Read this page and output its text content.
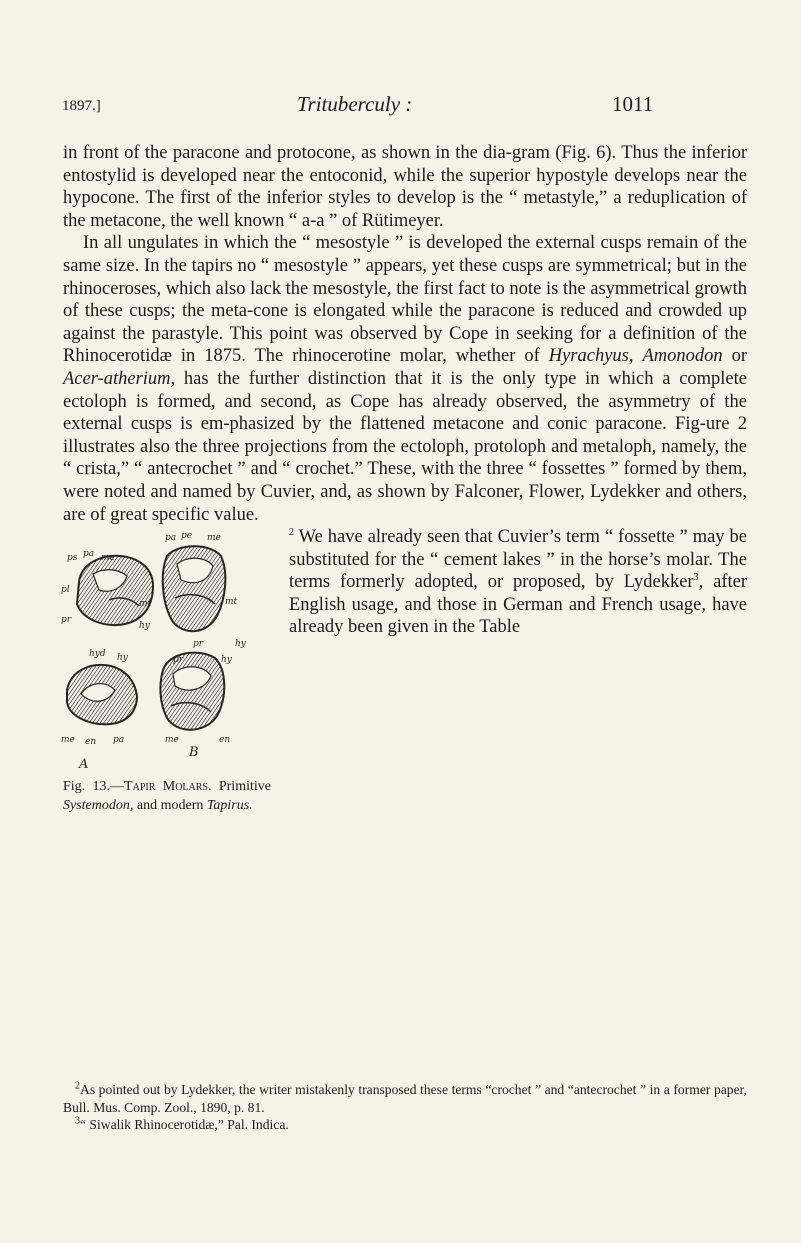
1897.]	Trituberculy :	1011

in front of the paracone and protocone, as shown in the dia-gram (Fig. 6). Thus the inferior entostylid is developed near the entoconid, while the superior hypostyle develops near the hypocone. The first of the inferior styles to develop is the “ metastyle,” a reduplication of the metacone, the well known “ a-a ” of Rütimeyer.

In all ungulates in which the “ mesostyle ” is developed the external cusps remain of the same size. In the tapirs no “ mesostyle ” appears, yet these cusps are symmetrical; but in the rhinoceroses, which also lack the mesostyle, the first fact to note is the asymmetrical growth of these cusps; the meta-cone is elongated while the paracone is reduced and crowded up against the parastyle. This point was observed by Cope in seeking for a definition of the Rhinocerotidæ in 1875. The rhinocerotine molar, whether of Hyrachyus, Amonodon or Acer-atherium, has the further distinction that it is the only type in which a complete ectoloph is formed, and second, as Cope has already observed, the asymmetry of the external cusps is em-phasized by the flattened metacone and conic paracone. Fig-ure 2 illustrates also the three projections from the ectoloph, protoloph and metaloph, namely, the “ crista,” “ antecrochet ” and “ crochet.” These, with the three “ fossettes ” formed by them, were noted and named by Cuvier, and, as shown by Falconer, Flower, Lydekker and others, are of great specific value.

ps pa me
pl
mt
pr
hy
hyd hy
me en pa
pa pe me
mt
pr	hy
pr	hy
me	en
A
B
Fig. 13.—Tapir Molars. Primitive Systemodon, and modern Tapirus.
$^2$ We have already seen that Cuvier’s term “ fossette ” may be substituted for the “ cement lakes ” in the horse’s molar. The terms formerly adopted, or proposed, by Lydekker$^3$, after English usage, and those in German and French usage, have already been given in the Table

$^2$As pointed out by Lydekker, the writer mistakenly transposed these terms “crochet ” and “antecrochet ” in a former paper, Bull. Mus. Comp. Zool., 1890, p. 81.

$^3$“ Siwalik Rhinocerotidæ,” Pal. Indica.
